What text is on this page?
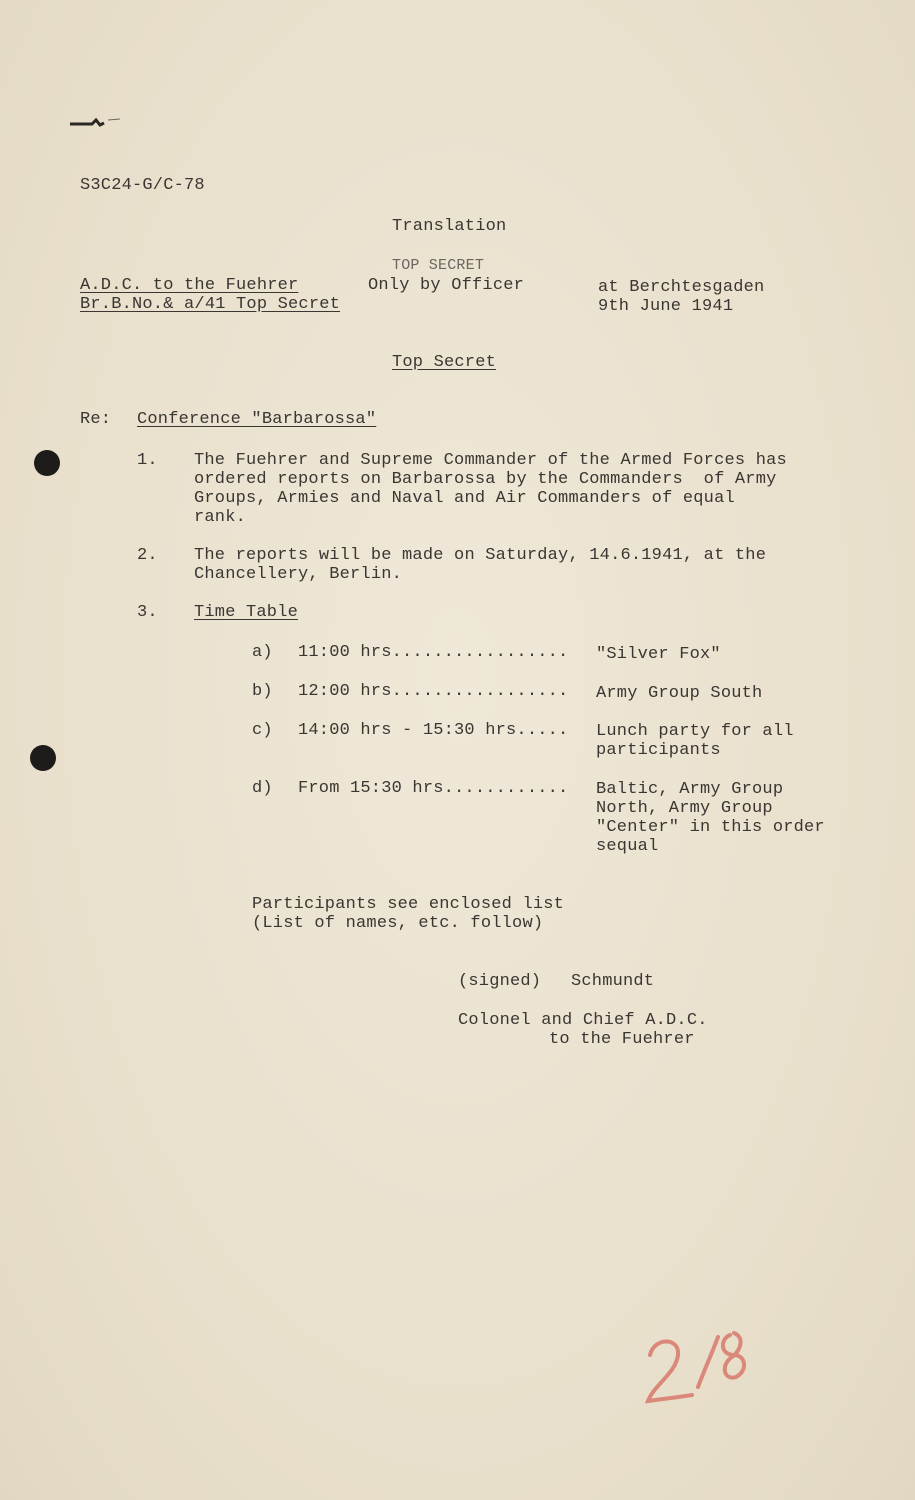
S3C24-G/C-78
Translation
TOP SECRET
A.D.C. to the Fuehrer
Br.B.No.& a/41 Top Secret
Only by Officer	at Berchtesgaden
9th June 1941
Top Secret
Re: Conference "Barbarossa"
1. The Fuehrer and Supreme Commander of the Armed Forces has
ordered reports on Barbarossa by the Commanders  of Army
Groups, Armies and Naval and Air Commanders of equal
rank.
2. The reports will be made on Saturday, 14.6.1941, at the
Chancellery, Berlin.
3. Time Table
a) 11:00 hrs................. "Silver Fox"
b) 12:00 hrs................. Army Group South
c) 14:00 hrs - 15:30 hrs..... Lunch party for all
participants
d) From 15:30 hrs............ Baltic, Army Group
North, Army Group
"Center" in this order
sequal
Participants see enclosed list
(List of names, etc. follow)
(signed) Schmundt
Colonel and Chief A.D.C.
to the Fuehrer
